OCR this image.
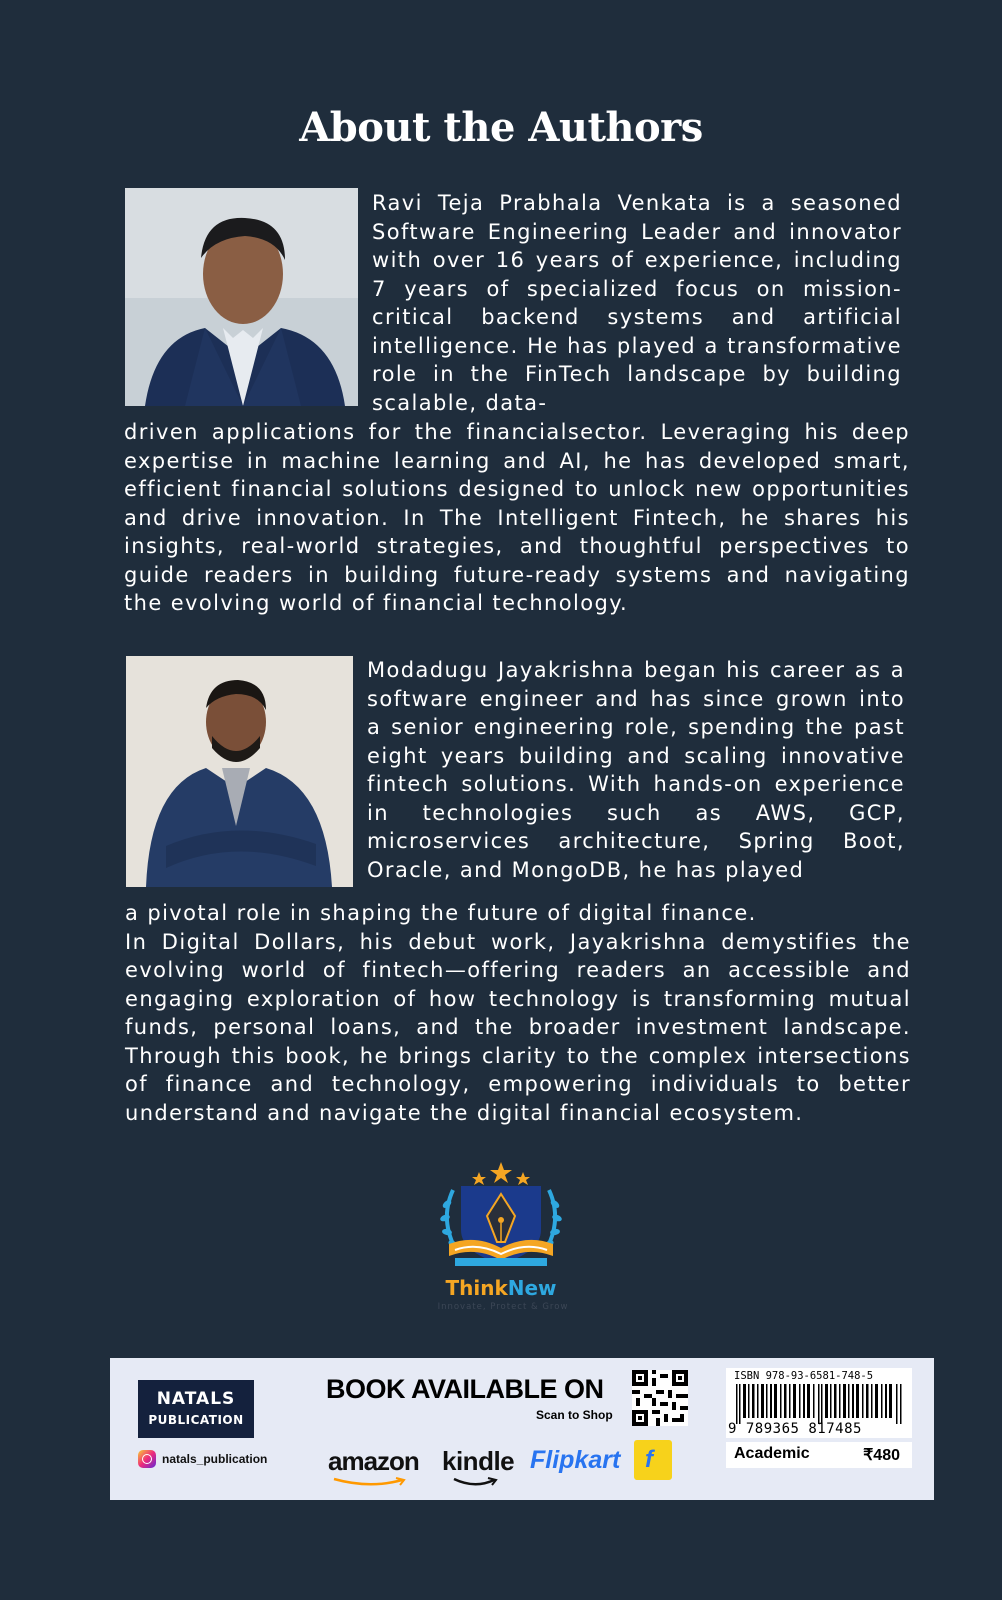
About the Authors

Ravi Teja Prabhala Venkata is a seasoned Software Engineering Leader and innovator with over 16 years of experience, including 7 years of specialized focus on mission-critical backend systems and artificial intelligence. He has played a transformative role in the FinTech landscape by building scalable, data-

driven applications for the financialsector. Leveraging his deep expertise in machine learning and AI, he has developed smart, efficient financial solutions designed to unlock new opportunities and drive innovation. In The Intelligent Fintech, he shares his insights, real-world strategies, and thoughtful perspectives to guide readers in building future-ready systems and navigating the evolving world of financial technology.

Modadugu Jayakrishna began his career as a software engineer and has since grown into a senior engineering role, spending the past eight years building and scaling innovative fintech solutions. With hands-on experience in technologies such as AWS, GCP, microservices architecture, Spring Boot, Oracle, and MongoDB, he has played

a pivotal role in shaping the future of digital finance.

In Digital Dollars, his debut work, Jayakrishna demystifies the evolving world of fintech—offering readers an accessible and engaging exploration of how technology is transforming mutual funds, personal loans, and the broader investment landscape. Through this book, he brings clarity to the complex intersections of finance and technology, empowering individuals to better understand and navigate the digital financial ecosystem.

ThinkNew
Innovate, Protect & Grow
NATALS
PUBLICATION
natals_publication
BOOK AVAILABLE ON
Scan to Shop
amazon kindle Flipkart f
ISBN 978-93-6581-748-5
9 789365 817485
Academic	₹480
